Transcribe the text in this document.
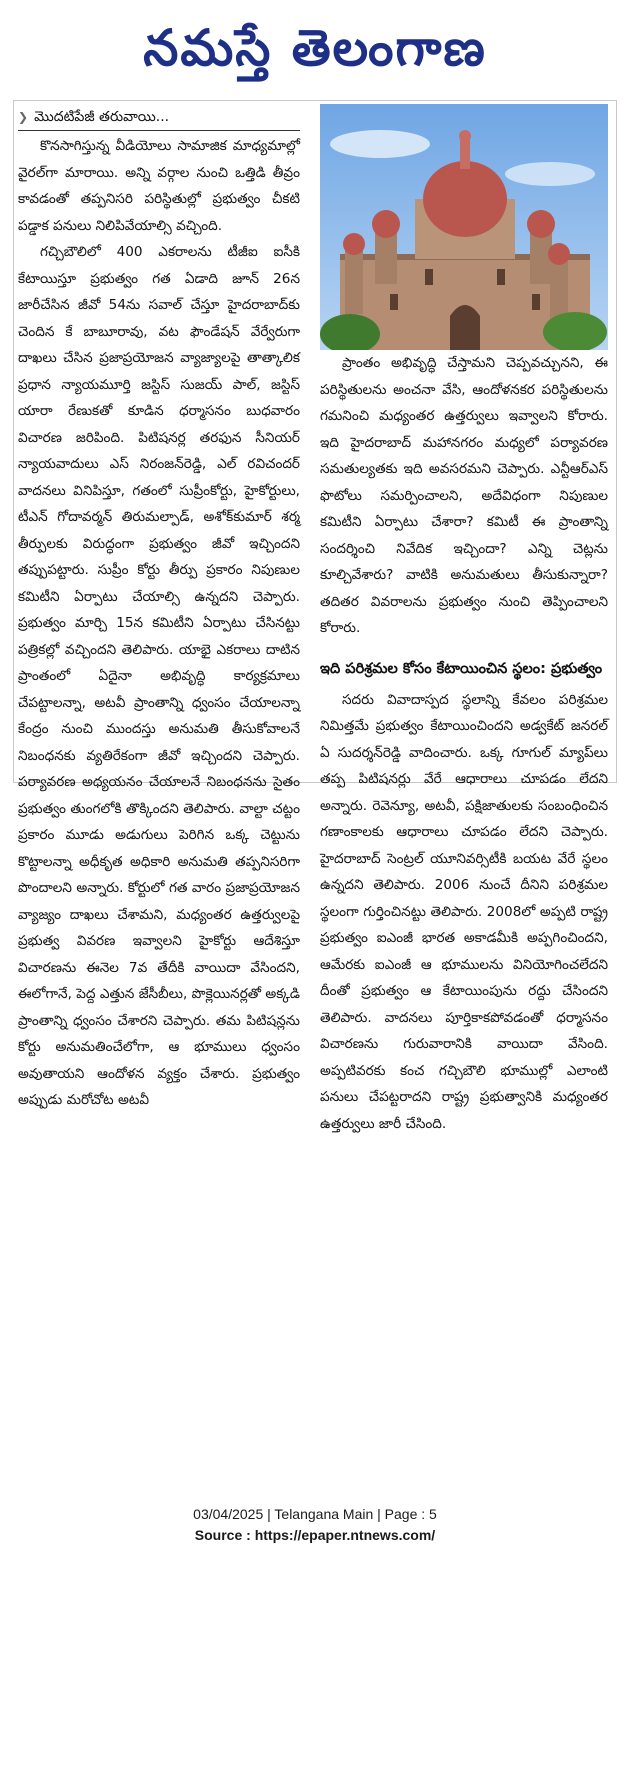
నమస్తే తెలంగాణ
❯ మొదటిపేజీ తరువాయి...

కొనసాగిస్తున్న వీడియోలు సామాజిక మాధ్యమాల్లో వైరల్‌గా మారాయి. అన్ని వర్గాల నుంచి ఒత్తిడి తీవ్రం కావడంతో తప్పనిసరి పరిస్థితుల్లో ప్రభుత్వం చీకటి పడ్డాక పనులు నిలిపివేయాల్సి వచ్చింది.

గచ్చిబౌలిలో 400 ఎకరాలను టీజీఐ ఐసీకి కేటాయిస్తూ ప్రభుత్వం గత ఏడాది జూన్ 26న జారీచేసిన జీవో 54ను సవాల్ చేస్తూ హైదరాబాద్‌కు చెందిన కే బాబూరావు, వట ఫౌండేషన్ వేర్వేరుగా దాఖలు చేసిన ప్రజాప్రయోజన వ్యాజ్యాలపై తాత్కాలిక ప్రధాన న్యాయమూర్తి జస్టిస్ సుజయ్ పాల్, జస్టిస్ యారా రేణుకతో కూడిన ధర్మాసనం బుధవారం విచారణ జరిపింది. పిటిషనర్ల తరఫున సీనియర్ న్యాయవాదులు ఎస్ నిరంజన్‌రెడ్డి, ఎల్ రవిచందర్ వాదనలు వినిపిస్తూ, గతంలో సుప్రీంకోర్టు, హైకోర్టులు, టీఎన్ గోదావర్మన్ తిరుమల్పాడ్, అశోక్‌కుమార్ శర్మ తీర్పులకు విరుద్ధంగా ప్రభుత్వం జీవో ఇచ్చిందని తప్పుపట్టారు. సుప్రీం కోర్టు తీర్పు ప్రకారం నిపుణుల కమిటీని ఏర్పాటు చేయాల్సి ఉన్నదని చెప్పారు. ప్రభుత్వం మార్చి 15న కమిటీని ఏర్పాటు చేసినట్టు పత్రికల్లో వచ్చిందని తెలిపారు. యాభై ఎకరాలు దాటిన ప్రాంతంలో ఏదైనా అభివృద్ధి కార్యక్రమాలు చేపట్టాలన్నా, అటవీ ప్రాంతాన్ని ధ్వంసం చేయాలన్నా కేంద్రం నుంచి ముందస్తు అనుమతి తీసుకోవాలనే నిబంధనకు వ్యతిరేకంగా జీవో ఇచ్చిందని చెప్పారు. పర్యావరణ అధ్యయనం చేయాలనే నిబంధనను సైతం ప్రభుత్వం తుంగలోకి తొక్కిందని తెలిపారు. వాల్టా చట్టం ప్రకారం మూడు అడుగులు పెరిగిన ఒక్క చెట్టును కొట్టాలన్నా అధీకృత అధికారి అనుమతి తప్పనిసరిగా పొందాలని అన్నారు. కోర్టులో గత వారం ప్రజాప్రయోజన వ్యాజ్యం దాఖలు చేశామని, మధ్యంతర ఉత్తర్వులపై ప్రభుత్వ వివరణ ఇవ్వాలని హైకోర్టు ఆదేశిస్తూ విచారణను ఈనెల 7వ తేదీకి వాయిదా వేసిందని, ఈలోగానే, పెద్ద ఎత్తున జేసీబీలు, పొక్లెయినర్లతో అక్కడి ప్రాంతాన్ని ధ్వంసం చేశారని చెప్పారు. తమ పిటిషన్లను కోర్టు అనుమతించేలోగా, ఆ భూములు ధ్వంసం అవుతాయని ఆందోళన వ్యక్తం చేశారు. ప్రభుత్వం అప్పుడు మరోచోట అటవీ

ప్రాంతం అభివృద్ధి చేస్తామని చెప్పవచ్చునని, ఈ పరిస్థితులను అంచనా వేసి, ఆందోళనకర పరిస్థితులను గమనించి మధ్యంతర ఉత్తర్వులు ఇవ్వాలని కోరారు. ఇది హైదరాబాద్ మహానగరం మధ్యలో పర్యావరణ సమతుల్యతకు ఇది అవసరమని చెప్పారు. ఎన్టీఆర్ఎస్ ఫొటోలు సమర్పించాలని, అదేవిధంగా నిపుణుల కమిటీని ఏర్పాటు చేశారా? కమిటీ ఈ ప్రాంతాన్ని సందర్శించి నివేదిక ఇచ్చిందా? ఎన్ని చెట్లను కూల్చివేశారు? వాటికి అనుమతులు తీసుకున్నారా? తదితర వివరాలను ప్రభుత్వం నుంచి తెప్పించాలని కోరారు.

ఇది పరిశ్రమల కోసం కేటాయించిన స్థలం: ప్రభుత్వం

సదరు వివాదాస్పద స్థలాన్ని కేవలం పరిశ్రమల నిమిత్తమే ప్రభుత్వం కేటాయించిందని అడ్వకేట్ జనరల్ ఏ సుదర్శన్‌రెడ్డి వాదించారు. ఒక్క గూగుల్ మ్యాప్‌లు తప్ప పిటిషనర్లు వేరే ఆధారాలు చూపడం లేదని అన్నారు. రెవెన్యూ, అటవీ, పక్షిజాతులకు సంబంధించిన గణాంకాలకు ఆధారాలు చూపడం లేదని చెప్పారు. హైదరాబాద్ సెంట్రల్ యూనివర్సిటీకి బయట వేరే స్థలం ఉన్నదని తెలిపారు. 2006 నుంచే దీనిని పరిశ్రమల స్థలంగా గుర్తించినట్టు తెలిపారు. 2008లో అప్పటి రాష్ట్ర ప్రభుత్వం ఐఎంజీ భారత అకాడమీకి అప్పగించిందని, ఆమేరకు ఐఎంజీ ఆ భూములను వినియోగించలేదని దీంతో ప్రభుత్వం ఆ కేటాయింపును రద్దు చేసిందని తెలిపారు. వాదనలు పూర్తికాకపోవడంతో ధర్మాసనం విచారణను గురువారానికి వాయిదా వేసింది. అప్పటివరకు కంచ గచ్చిబౌలి భూముల్లో ఎలాంటి పనులు చేపట్టరాదని రాష్ట్ర ప్రభుత్వానికి మధ్యంతర ఉత్తర్వులు జారీ చేసింది.

03/04/2025 | Telangana Main | Page : 5
Source : https://epaper.ntnews.com/
